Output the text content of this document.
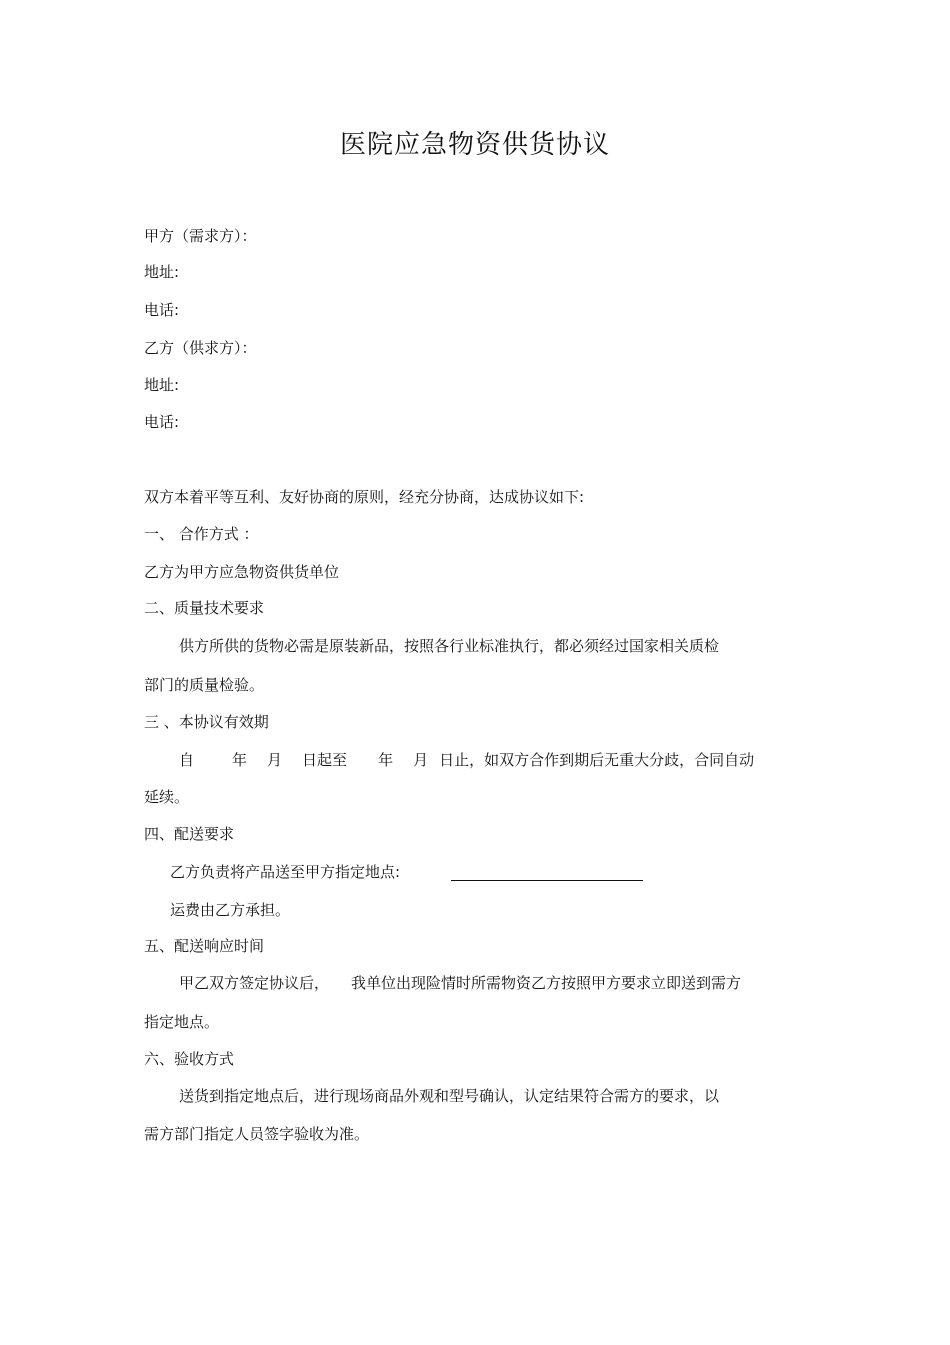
医院应急物资供货协议
甲方（需求方）：
地址:
电话:
乙方（供求方）：
地址:
电话:
双方本着平等互利、友好协商的原则，经充分协商，达成协议如下:
一、 合作方式 ：
乙方为甲方应急物资供货单位
二、质量技术要求
供方所供的货物必需是原装新品，按照各行业标准执行，都必须经过国家相关质检
部门的质量检验。
三 、本协议有效期
自	年 月 日起至 年 月 日止，如双方合作到期后无重大分歧，合同自动
延续。
四、配送要求
乙方负责将产品送至甲方指定地点:
运费由乙方承担。
五、配送响应时间
甲乙双方签定协议后， 我单位出现险情时所需物资乙方按照甲方要求立即送到需方
指定地点。
六、验收方式
送货到指定地点后，进行现场商品外观和型号确认，认定结果符合需方的要求，以
需方部门指定人员签字验收为准。
